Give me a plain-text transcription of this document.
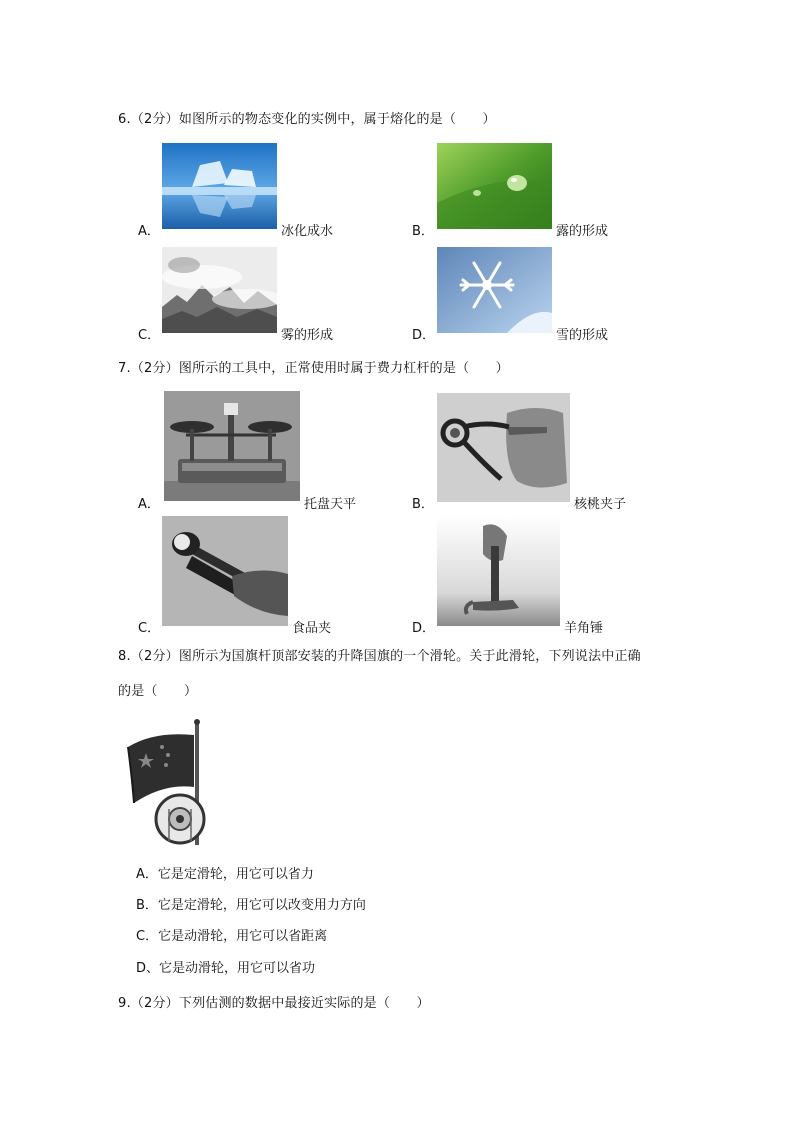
6.（2分）如图所示的物态变化的实例中，属于熔化的是（　　）
A．	冰化成水	B．	露的形成
C．	雾的形成	D．	雪的形成
7.（2分）图所示的工具中，正常使用时属于费力杠杆的是（　　）
A．	托盘天平	B．	核桃夹子
C．	食品夹	D．	羊角锤
8.（2分）图所示为国旗杆顶部安装的升降国旗的一个滑轮。关于此滑轮，下列说法中正确
的是（　　）
A．它是定滑轮，用它可以省力
B．它是定滑轮，用它可以改变用力方向
C．它是动滑轮，用它可以省距离
D、它是动滑轮，用它可以省功
9.（2分）下列估测的数据中最接近实际的是（　　）
